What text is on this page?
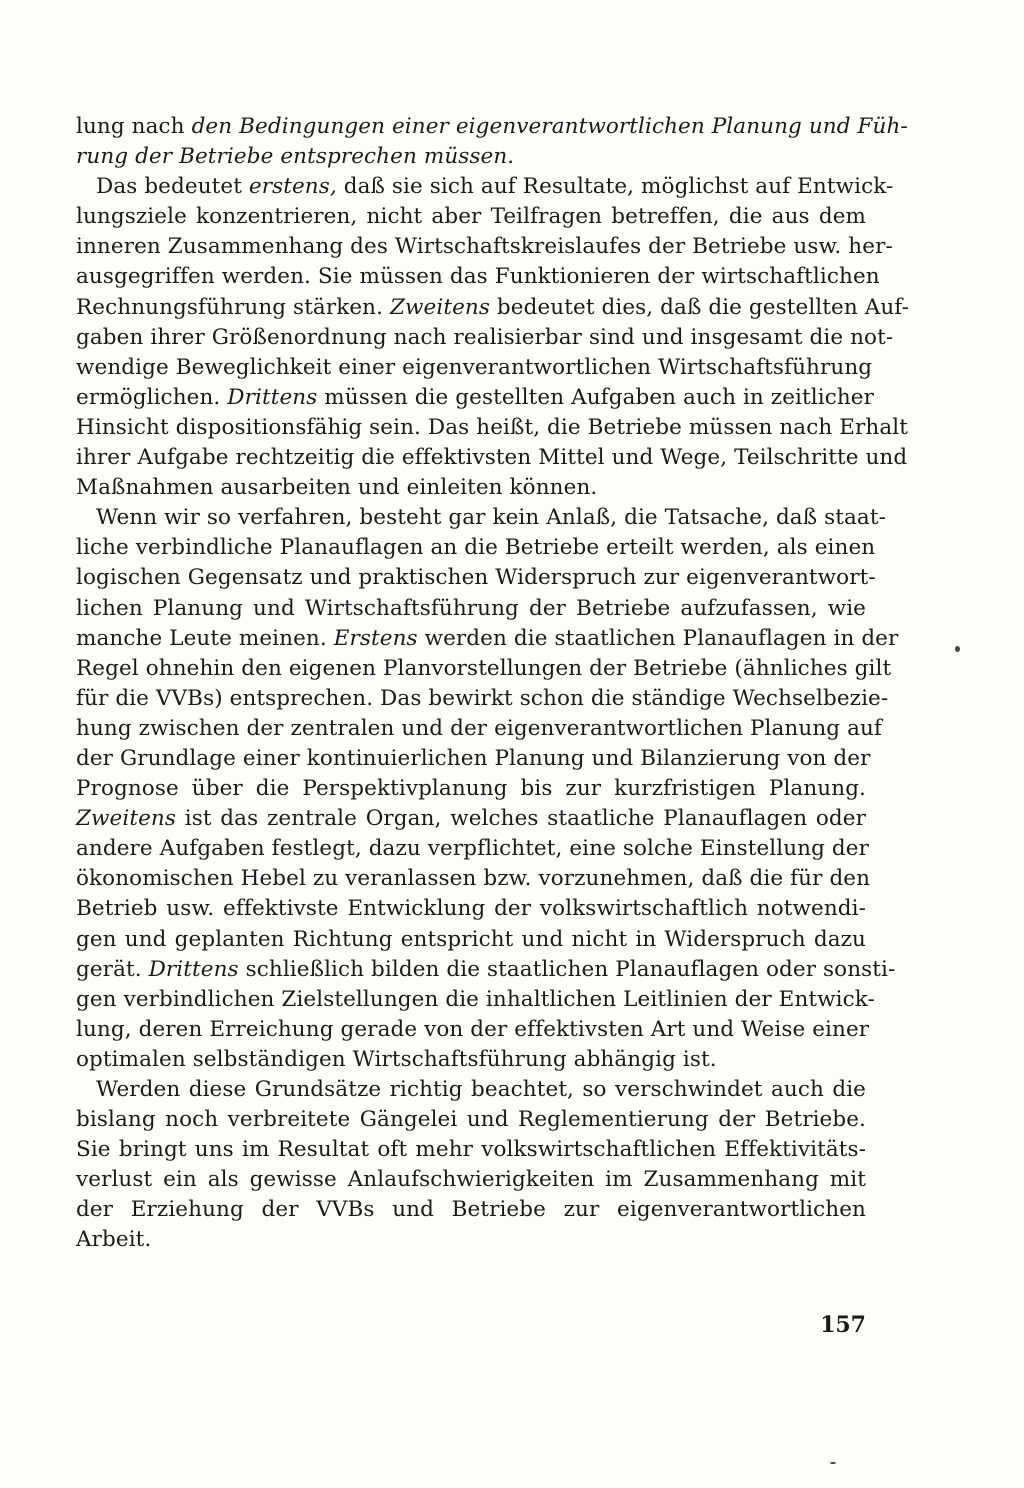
lung nach den Bedingungen einer eigenverantwortlichen Planung und Füh-
rung der Betriebe entsprechen müssen.
Das bedeutet erstens, daß sie sich auf Resultate, möglichst auf Entwick-
lungsziele konzentrieren, nicht aber Teilfragen betreffen, die aus dem
inneren Zusammenhang des Wirtschaftskreislaufes der Betriebe usw. her-
ausgegriffen werden. Sie müssen das Funktionieren der wirtschaftlichen
Rechnungsführung stärken. Zweitens bedeutet dies, daß die gestellten Auf-
gaben ihrer Größenordnung nach realisierbar sind und insgesamt die not-
wendige Beweglichkeit einer eigenverantwortlichen Wirtschaftsführung
ermöglichen. Drittens müssen die gestellten Aufgaben auch in zeitlicher
Hinsicht dispositionsfähig sein. Das heißt, die Betriebe müssen nach Erhalt
ihrer Aufgabe rechtzeitig die effektivsten Mittel und Wege, Teilschritte und
Maßnahmen ausarbeiten und einleiten können.
Wenn wir so verfahren, besteht gar kein Anlaß, die Tatsache, daß staat-
liche verbindliche Planauflagen an die Betriebe erteilt werden, als einen
logischen Gegensatz und praktischen Widerspruch zur eigenverantwort-
lichen Planung und Wirtschaftsführung der Betriebe aufzufassen, wie
manche Leute meinen. Erstens werden die staatlichen Planauflagen in der
Regel ohnehin den eigenen Planvorstellungen der Betriebe (ähnliches gilt
für die VVBs) entsprechen. Das bewirkt schon die ständige Wechselbezie-
hung zwischen der zentralen und der eigenverantwortlichen Planung auf
der Grundlage einer kontinuierlichen Planung und Bilanzierung von der
Prognose über die Perspektivplanung bis zur kurzfristigen Planung.
Zweitens ist das zentrale Organ, welches staatliche Planauflagen oder
andere Aufgaben festlegt, dazu verpflichtet, eine solche Einstellung der
ökonomischen Hebel zu veranlassen bzw. vorzunehmen, daß die für den
Betrieb usw. effektivste Entwicklung der volkswirtschaftlich notwendi-
gen und geplanten Richtung entspricht und nicht in Widerspruch dazu
gerät. Drittens schließlich bilden die staatlichen Planauflagen oder sonsti-
gen verbindlichen Zielstellungen die inhaltlichen Leitlinien der Entwick-
lung, deren Erreichung gerade von der effektivsten Art und Weise einer
optimalen selbständigen Wirtschaftsführung abhängig ist.
Werden diese Grundsätze richtig beachtet, so verschwindet auch die
bislang noch verbreitete Gängelei und Reglementierung der Betriebe.
Sie bringt uns im Resultat oft mehr volkswirtschaftlichen Effektivitäts-
verlust ein als gewisse Anlaufschwierigkeiten im Zusammenhang mit
der Erziehung der VVBs und Betriebe zur eigenverantwortlichen
Arbeit.
157
